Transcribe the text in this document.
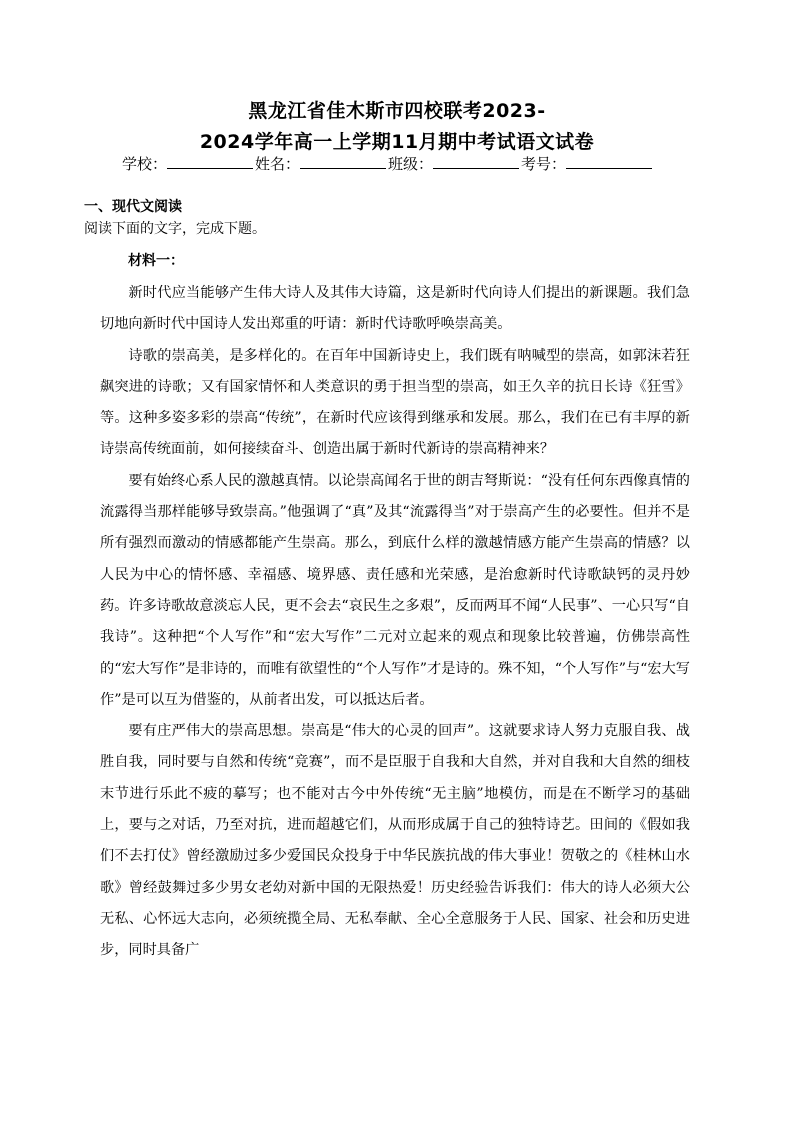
黑龙江省佳木斯市四校联考2023-
2024学年高一上学期11月期中考试语文试卷
学校：	姓名：	班级：	考号：
一、现代文阅读
阅读下面的文字，完成下题。
材料一：

新时代应当能够产生伟大诗人及其伟大诗篇，这是新时代向诗人们提出的新课题。我们急切地向新时代中国诗人发出郑重的吁请：新时代诗歌呼唤崇高美。

诗歌的崇高美，是多样化的。在百年中国新诗史上，我们既有呐喊型的崇高，如郭沫若狂飙突进的诗歌；又有国家情怀和人类意识的勇于担当型的崇高，如王久辛的抗日长诗《狂雪》等。这种多姿多彩的崇高“传统”，在新时代应该得到继承和发展。那么，我们在已有丰厚的新诗崇高传统面前，如何接续奋斗、创造出属于新时代新诗的崇高精神来？

要有始终心系人民的激越真情。以论崇高闻名于世的朗吉弩斯说：“没有任何东西像真情的流露得当那样能够导致崇高。”他强调了“真”及其“流露得当”对于崇高产生的必要性。但并不是所有强烈而激动的情感都能产生崇高。那么，到底什么样的激越情感方能产生崇高的情感？以人民为中心的情怀感、幸福感、境界感、责任感和光荣感，是治愈新时代诗歌缺钙的灵丹妙药。许多诗歌故意淡忘人民，更不会去“哀民生之多艰”，反而两耳不闻“人民事”、一心只写“自我诗”。这种把“个人写作”和“宏大写作”二元对立起来的观点和现象比较普遍，仿佛崇高性的“宏大写作”是非诗的，而唯有欲望性的“个人写作”才是诗的。殊不知，“个人写作”与“宏大写作”是可以互为借鉴的，从前者出发，可以抵达后者。

要有庄严伟大的崇高思想。崇高是“伟大的心灵的回声”。这就要求诗人努力克服自我、战胜自我，同时要与自然和传统“竞赛”，而不是臣服于自我和大自然，并对自我和大自然的细枝末节进行乐此不疲的摹写；也不能对古今中外传统“无主脑”地模仿，而是在不断学习的基础上，要与之对话，乃至对抗，进而超越它们，从而形成属于自己的独特诗艺。田间的《假如我们不去打仗》曾经激励过多少爱国民众投身于中华民族抗战的伟大事业！贺敬之的《桂林山水歌》曾经鼓舞过多少男女老幼对新中国的无限热爱！历史经验告诉我们：伟大的诗人必须大公无私、心怀远大志向，必须统揽全局、无私奉献、全心全意服务于人民、国家、社会和历史进步，同时具备广
